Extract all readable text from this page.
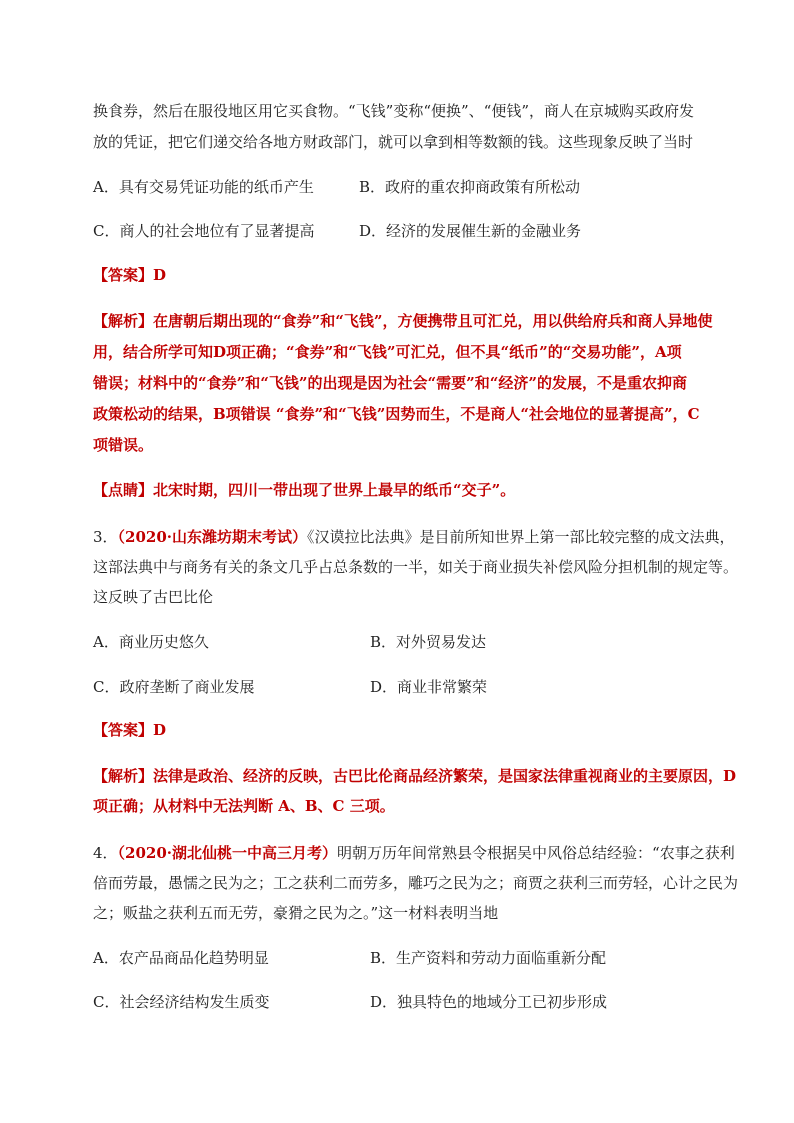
换食券，然后在服役地区用它买食物。“飞钱”变称“便换”、“便钱”，商人在京城购买政府发
放的凭证，把它们递交给各地方财政部门，就可以拿到相等数额的钱。这些现象反映了当时
A．具有交易凭证功能的纸币产生	B．政府的重农抑商政策有所松动
C．商人的社会地位有了显著提高	D．经济的发展催生新的金融业务
【答案】D
【解析】在唐朝后期出现的“食券”和“飞钱”，方便携带且可汇兑，用以供给府兵和商人异地使
用，结合所学可知D项正确；“食券”和“飞钱”可汇兑，但不具“纸币”的“交易功能”，A项
错误；材料中的“食券”和“飞钱”的出现是因为社会“需要”和“经济”的发展，不是重农抑商
政策松动的结果，B项错误 “食券”和“飞钱”因势而生，不是商人“社会地位的显著提高”，C
项错误。
【点睛】北宋时期，四川一带出现了世界上最早的纸币“交子”。
3．（2020·山东潍坊期末考试）《汉谟拉比法典》是目前所知世界上第一部比较完整的成文法典，
这部法典中与商务有关的条文几乎占总条数的一半，如关于商业损失补偿风险分担机制的规定等。
这反映了古巴比伦
A．商业历史悠久	B．对外贸易发达
C．政府垄断了商业发展	D．商业非常繁荣
【答案】D
【解析】法律是政治、经济的反映，古巴比伦商品经济繁荣，是国家法律重视商业的主要原因，D
项正确；从材料中无法判断 A、B、C 三项。
4．（2020·湖北仙桃一中高三月考）明朝万历年间常熟县令根据吴中风俗总结经验：“农事之获利
倍而劳最，愚懦之民为之；工之获利二而劳多，雕巧之民为之；商贾之获利三而劳轻，心计之民为
之；贩盐之获利五而无劳，豪猾之民为之。”这一材料表明当地
A．农产品商品化趋势明显	B．生产资料和劳动力面临重新分配
C．社会经济结构发生质变	D．独具特色的地域分工已初步形成
